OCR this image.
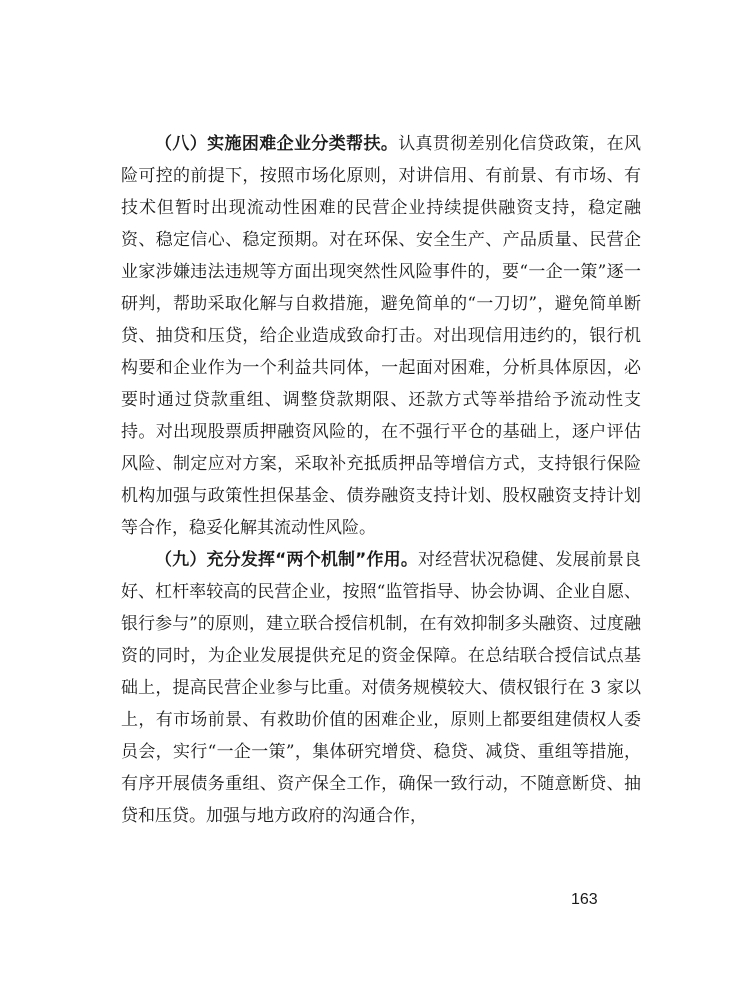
（八）实施困难企业分类帮扶。认真贯彻差别化信贷政策，在风险可控的前提下，按照市场化原则，对讲信用、有前景、有市场、有技术但暂时出现流动性困难的民营企业持续提供融资支持，稳定融资、稳定信心、稳定预期。对在环保、安全生产、产品质量、民营企业家涉嫌违法违规等方面出现突然性风险事件的，要“一企一策”逐一研判，帮助采取化解与自救措施，避免简单的“一刀切”，避免简单断贷、抽贷和压贷，给企业造成致命打击。对出现信用违约的，银行机构要和企业作为一个利益共同体，一起面对困难，分析具体原因，必要时通过贷款重组、调整贷款期限、还款方式等举措给予流动性支持。对出现股票质押融资风险的，在不强行平仓的基础上，逐户评估风险、制定应对方案，采取补充抵质押品等增信方式，支持银行保险机构加强与政策性担保基金、债券融资支持计划、股权融资支持计划等合作，稳妥化解其流动性风险。

（九）充分发挥“两个机制”作用。对经营状况稳健、发展前景良好、杠杆率较高的民营企业，按照“监管指导、协会协调、企业自愿、银行参与”的原则，建立联合授信机制，在有效抑制多头融资、过度融资的同时，为企业发展提供充足的资金保障。在总结联合授信试点基础上，提高民营企业参与比重。对债务规模较大、债权银行在 3 家以上，有市场前景、有救助价值的困难企业，原则上都要组建债权人委员会，实行“一企一策”，集体研究增贷、稳贷、减贷、重组等措施，有序开展债务重组、资产保全工作，确保一致行动，不随意断贷、抽贷和压贷。加强与地方政府的沟通合作，

163
